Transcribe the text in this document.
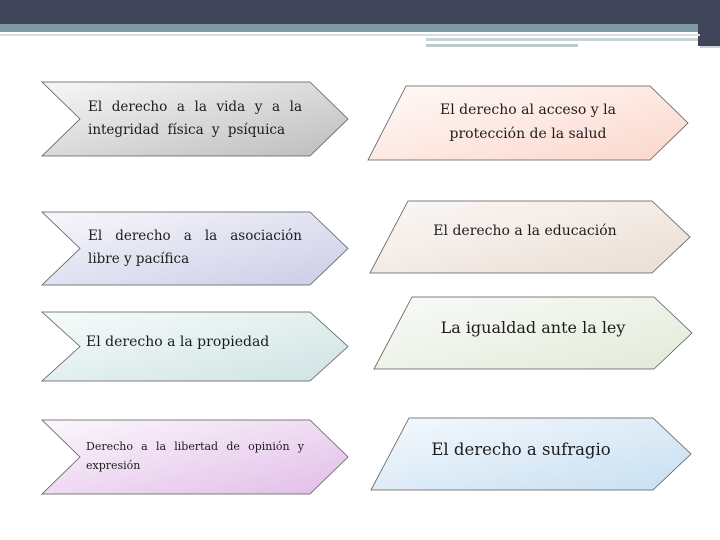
El derecho a la vida y a la integridad física y psíquica
El derecho a la asociación libre y pacífica
El derecho a la propiedad
Derecho a la libertad de opinión y expresión
El derecho al acceso y la protección de la salud
El derecho a la educación
La igualdad ante la ley
El derecho a sufragio
